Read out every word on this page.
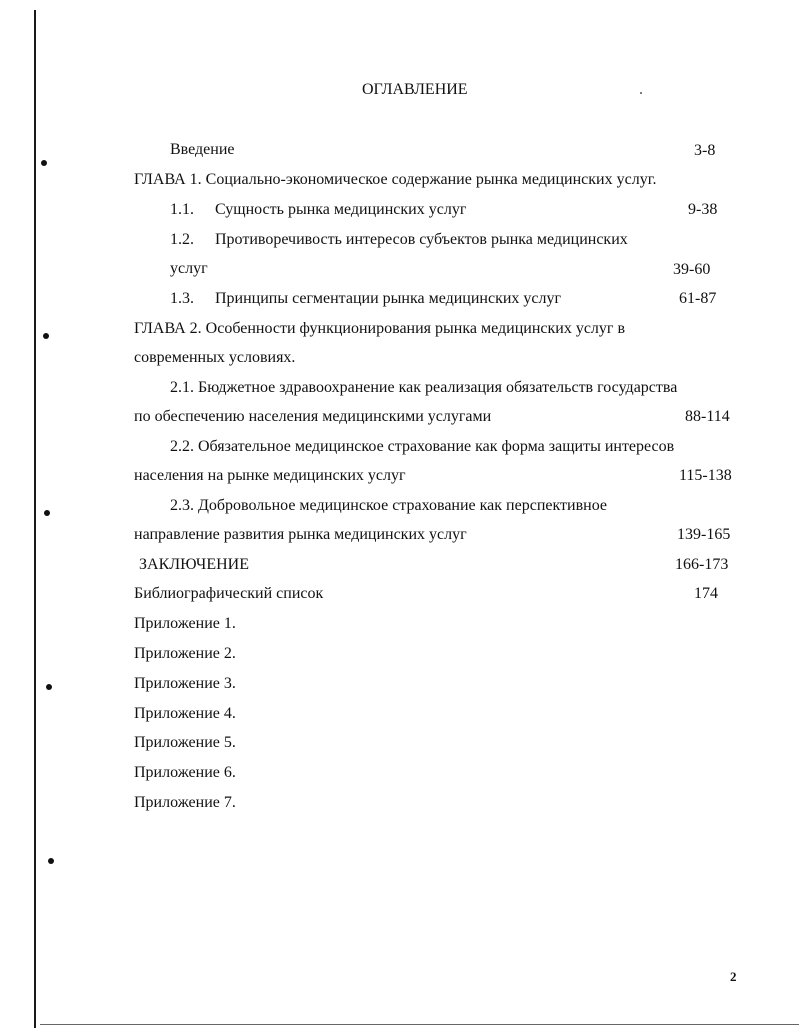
ОГЛАВЛЕНИЕ
Введение	3-8
ГЛАВА 1. Социально-экономическое содержание рынка медицинских услуг.
1.1. Сущность рынка медицинских услуг	9-38
1.2. Противоречивость интересов субъектов рынка медицинских
услуг	39-60
1.3. Принципы сегментации рынка медицинских услуг	61-87
ГЛАВА 2. Особенности функционирования рынка медицинских услуг в
современных условиях.
2.1. Бюджетное здравоохранение как реализация обязательств государства
по обеспечению населения медицинскими услугами	88-114
2.2. Обязательное медицинское страхование как форма защиты интересов
населения на рынке медицинских услуг	115-138
2.3. Добровольное медицинское страхование как перспективное
направление развития рынка медицинских услуг	139-165
ЗАКЛЮЧЕНИЕ	166-173
Библиографический список	174
Приложение 1.
Приложение 2.
Приложение 3.
Приложение 4.
Приложение 5.
Приложение 6.
Приложение 7.
2
